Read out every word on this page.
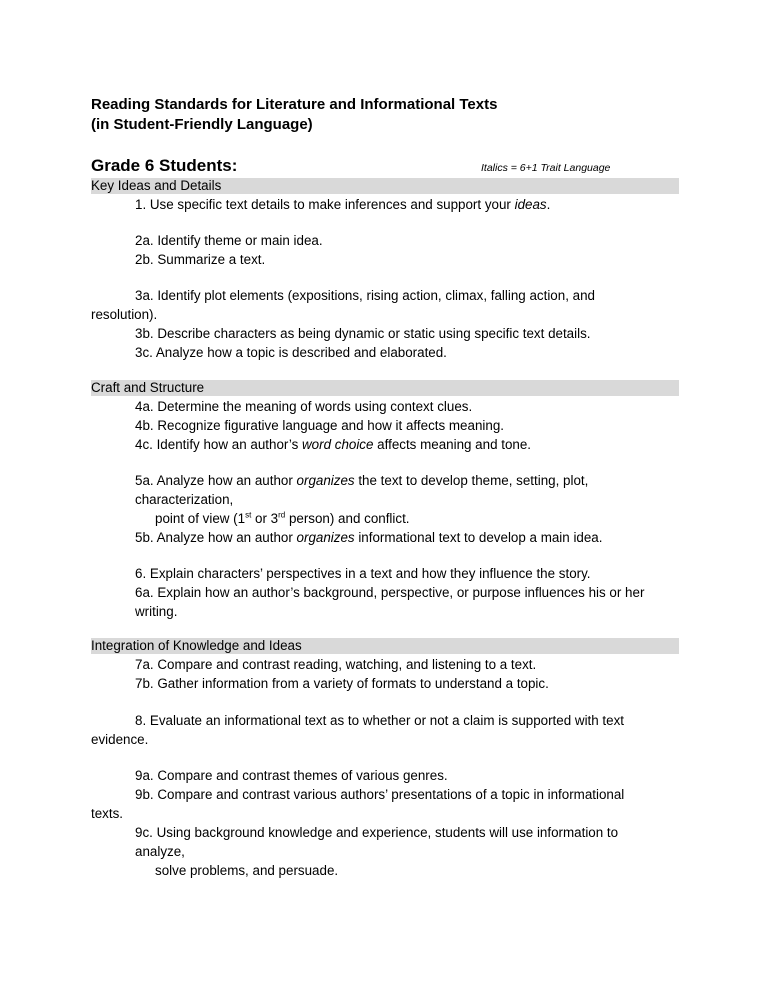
Reading Standards for Literature and Informational Texts
(in Student-Friendly Language)
Grade 6 Students:	Italics = 6+1 Trait Language
Key Ideas and Details
1. Use specific text details to make inferences and support your ideas.
2a. Identify theme or main idea.
2b. Summarize a text.
3a. Identify plot elements (expositions, rising action, climax, falling action, and
resolution).
3b. Describe characters as being dynamic or static using specific text details.
3c. Analyze how a topic is described and elaborated.
Craft and Structure
4a. Determine the meaning of words using context clues.
4b. Recognize figurative language and how it affects meaning.
4c. Identify how an author’s word choice affects meaning and tone.
5a. Analyze how an author organizes the text to develop theme, setting, plot,
characterization,
point of view (1st or 3rd person) and conflict.
5b. Analyze how an author organizes informational text to develop a main idea.
6. Explain characters’ perspectives in a text and how they influence the story.
6a. Explain how an author’s background, perspective, or purpose influences his or her
writing.
Integration of Knowledge and Ideas
7a. Compare and contrast reading, watching, and listening to a text.
7b. Gather information from a variety of formats to understand a topic.
8. Evaluate an informational text as to whether or not a claim is supported with text
evidence.
9a. Compare and contrast themes of various genres.
9b. Compare and contrast various authors’ presentations of a topic in informational
texts.
9c. Using background knowledge and experience, students will use information to
analyze,
solve problems, and persuade.
